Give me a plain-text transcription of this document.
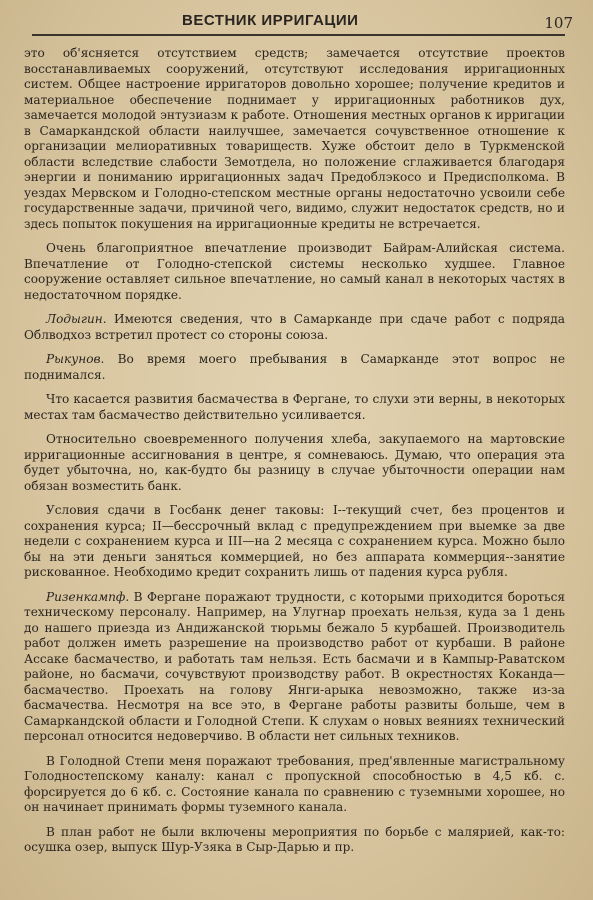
ВЕСТНИК ИРРИГАЦИИ	107

это об'ясняется отсутствием средств; замечается отсутствие проектов восстанавливаемых сооружений, отсутствуют исследования ирригационных систем. Общее настроение ирригаторов довольно хорошее; получение кредитов и материальное обеспечение поднимает у ирригационных работников дух, замечается молодой энтузиазм к работе. Отношения местных органов к ирригации в Самаркандской области наилучшее, замечается сочувственное отношение к организации мелиоративных товариществ. Хуже обстоит дело в Туркменской области вследствие слабости Земотдела, но положение сглаживается благодаря энергии и пониманию ирригационных задач Предоблэкосо и Предисполкома. В уездах Мервском и Голодно-степском местные органы недостаточно усвоили себе государственные задачи, причиной чего, видимо, служит недостаток средств, но и здесь попыток покушения на ирригационные кредиты не встречается.

Очень благоприятное впечатление производит Байрам-Алийская система. Впечатление от Голодно-степской системы несколько худшее. Главное сооружение оставляет сильное впечатление, но самый канал в некоторых частях в недостаточном порядке.

Лодыгин. Имеются сведения, что в Самарканде при сдаче работ с подряда Облводхоз встретил протест со стороны союза.

Рыкунов. Во время моего пребывания в Самарканде этот вопрос не поднимался.

Что касается развития басмачества в Фергане, то слухи эти верны, в некоторых местах там басмачество действительно усиливается.

Относительно своевременного получения хлеба, закупаемого на мартовские ирригационные ассигнования в центре, я сомневаюсь. Думаю, что операция эта будет убыточна, но, как-будто бы разницу в случае убыточности операции нам обязан возместить банк.

Условия сдачи в Госбанк денег таковы: I--текущий счет, без процентов и сохранения курса; II—бессрочный вклад с предупреждением при выемке за две недели с сохранением курса и III—на 2 месяца с сохранением курса. Можно было бы на эти деньги заняться коммерцией, но без аппарата коммерция--занятие рискованное. Необходимо кредит сохранить лишь от падения курса рубля.

Ризенкампф. В Фергане поражают трудности, с которыми приходится бороться техническому персоналу. Например, на Улугнар проехать нельзя, куда за 1 день до нашего приезда из Андижанской тюрьмы бежало 5 курбашей. Производитель работ должен иметь разрешение на производство работ от курбаши. В районе Ассаке басмачество, и работать там нельзя. Есть басмачи и в Кампыр-Раватском районе, но басмачи, сочувствуют производству работ. В окрестностях Коканда—басмачество. Проехать на голову Янги-арыка невозможно, также из-за басмачества. Несмотря на все это, в Фергане работы развиты больше, чем в Самаркандской области и Голодной Степи. К слухам о новых веяниях технический персонал относится недоверчиво. В области нет сильных техников.

В Голодной Степи меня поражают требования, пред'явленные магистральному Голодностепскому каналу: канал с пропускной способностью в 4,5 кб. с. форсируется до 6 кб. с. Состояние канала по сравнению с туземными хорошее, но он начинает принимать формы туземного канала.

В план работ не были включены мероприятия по борьбе с малярией, как-то: осушка озер, выпуск Шур-Узяка в Сыр-Дарью и пр.
